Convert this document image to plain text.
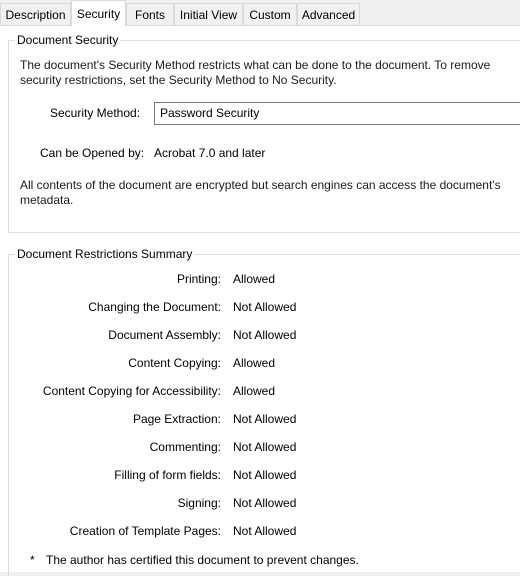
Description Security	Fonts	Initial View	Custom Advanced
Document Security
The document's Security Method restricts what can be done to the document. To remove security restrictions, set the Security Method to No Security.
Security Method:	Password Security
Can be Opened by: Acrobat 7.0 and later
All contents of the document are encrypted but search engines can access the document's metadata.
Document Restrictions Summary
Printing: Allowed
Changing the Document: Not Allowed
Document Assembly: Not Allowed
Content Copying: Allowed
Content Copying for Accessibility: Allowed
Page Extraction: Not Allowed
Commenting: Not Allowed
Filling of form fields: Not Allowed
Signing: Not Allowed
Creation of Template Pages: Not Allowed
* The author has certified this document to prevent changes.
